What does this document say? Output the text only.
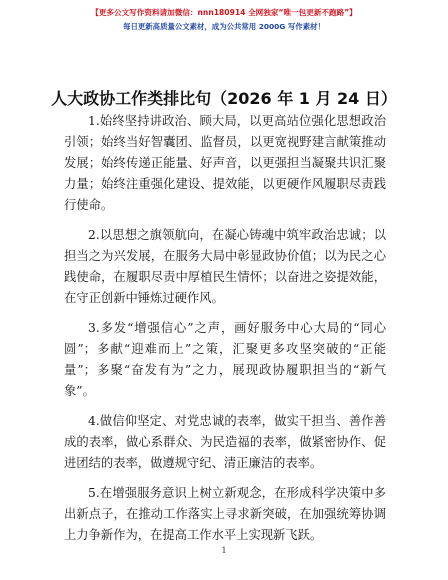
【更多公文写作资料请加微信：nnn180914 全网独家“唯一包更新不跑路”】
每日更新高质量公文素材，成为公共常用 2000G 写作素材！
人大政协工作类排比句（2026 年 1 月 24 日）

1.始终坚持讲政治、顾大局，以更高站位强化思想政治引领；始终当好智囊团、监督员，以更宽视野建言献策推动发展；始终传递正能量、好声音，以更强担当凝聚共识汇聚力量；始终注重强化建设、提效能，以更硬作风履职尽责践行使命。

2.以思想之旗领航向，在凝心铸魂中筑牢政治忠诚；以担当之为兴发展，在服务大局中彰显政协价值；以为民之心践使命，在履职尽责中厚植民生情怀；以奋进之姿提效能，在守正创新中锤炼过硬作风。

3.多发“增强信心”之声，画好服务中心大局的“同心圆”；多献“迎难而上”之策，汇聚更多攻坚突破的“正能量”；多聚“奋发有为”之力，展现政协履职担当的“新气象”。

4.做信仰坚定、对党忠诚的表率，做实干担当、善作善成的表率，做心系群众、为民造福的表率，做紧密协作、促进团结的表率，做遵规守纪、清正廉洁的表率。

5.在增强服务意识上树立新观念，在形成科学决策中多出新点子，在推动工作落实上寻求新突破，在加强统筹协调上力争新作为，在提高工作水平上实现新飞跃。

1
